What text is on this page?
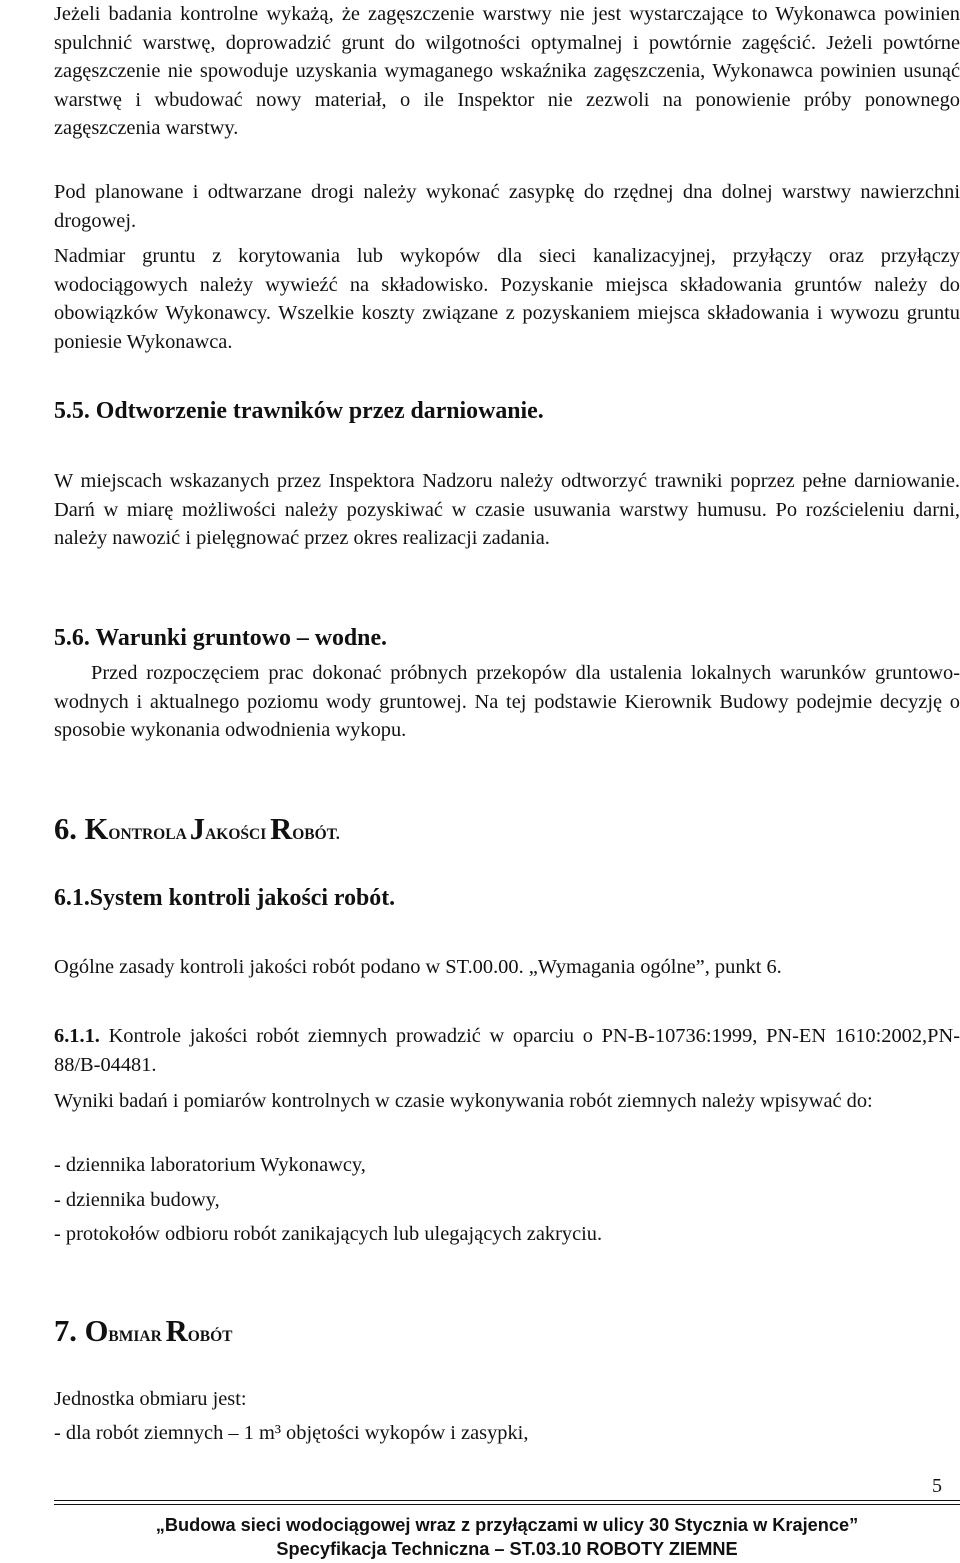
Jeżeli badania kontrolne wykażą, że zagęszczenie warstwy nie jest wystarczające to Wykonawca powinien spulchnić warstwę, doprowadzić grunt do wilgotności optymalnej i powtórnie zagęścić. Jeżeli powtórne zagęszczenie nie spowoduje uzyskania wymaganego wskaźnika zagęszczenia, Wykonawca powinien usunąć warstwę i wbudować nowy materiał, o ile Inspektor nie zezwoli na ponowienie próby ponownego zagęszczenia warstwy.

Pod planowane i odtwarzane drogi należy wykonać zasypkę do rzędnej dna dolnej warstwy nawierzchni drogowej.

Nadmiar gruntu z korytowania lub wykopów dla sieci kanalizacyjnej, przyłączy oraz przyłączy wodociągowych należy wywieźć na składowisko. Pozyskanie miejsca składowania gruntów należy do obowiązków Wykonawcy. Wszelkie koszty związane z pozyskaniem miejsca składowania i wywozu gruntu poniesie Wykonawca.

5.5. Odtworzenie trawników przez darniowanie.

W miejscach wskazanych przez Inspektora Nadzoru należy odtworzyć trawniki poprzez pełne darniowanie. Darń w miarę możliwości należy pozyskiwać w czasie usuwania warstwy humusu. Po rozścieleniu darni, należy nawozić i pielęgnować przez okres realizacji zadania.

5.6. Warunki gruntowo – wodne.

Przed rozpoczęciem prac dokonać próbnych przekopów dla ustalenia lokalnych warunków gruntowo-wodnych i aktualnego poziomu wody gruntowej. Na tej podstawie Kierownik Budowy podejmie decyzję o sposobie wykonania odwodnienia wykopu.

6. KONTROLA JAKOŚCI ROBÓT.
6.1.System kontroli jakości robót.

Ogólne zasady kontroli jakości robót podano w ST.00.00. „Wymagania ogólne”, punkt 6.

6.1.1. Kontrole jakości robót ziemnych prowadzić w oparciu o PN-B-10736:1999, PN-EN 1610:2002,PN-88/B-04481.

Wyniki badań i pomiarów kontrolnych w czasie wykonywania robót ziemnych należy wpisywać do:

- dziennika laboratorium Wykonawcy,

- dziennika budowy,

- protokołów odbioru robót zanikających lub ulegających zakryciu.

7. OBMIAR ROBÓT

Jednostka obmiaru jest:

- dla robót ziemnych – 1 m³ objętości wykopów i zasypki,

5
„Budowa sieci wodociągowej wraz z przyłączami w ulicy 30 Stycznia w Krajence”
Specyfikacja Techniczna – ST.03.10 ROBOTY ZIEMNE
